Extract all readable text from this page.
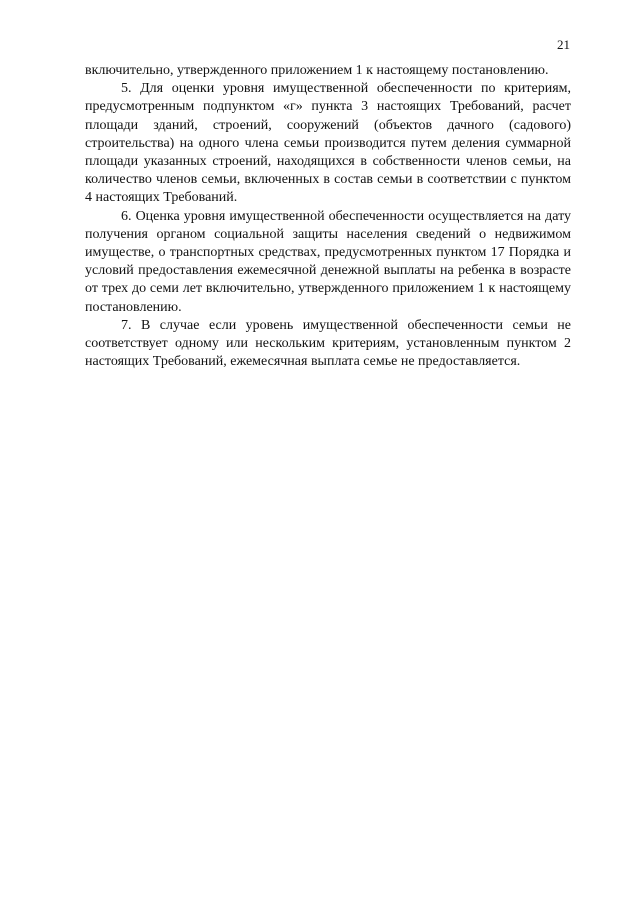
21

включительно, утвержденного приложением 1 к настоящему постановлению.

5. Для оценки уровня имущественной обеспеченности по критериям, предусмотренным подпунктом «г» пункта 3 настоящих Требований, расчет площади зданий, строений, сооружений (объектов дачного (садового) строительства) на одного члена семьи производится путем деления суммарной площади указанных строений, находящихся в собственности членов семьи, на количество членов семьи, включенных в состав семьи в соответствии с пунктом 4 настоящих Требований.

6. Оценка уровня имущественной обеспеченности осуществляется на дату получения органом социальной защиты населения сведений о недвижимом имуществе, о транспортных средствах, предусмотренных пунктом 17 Порядка и условий предоставления ежемесячной денежной выплаты на ребенка в возрасте от трех до семи лет включительно, утвержденного приложением 1 к настоящему постановлению.

7. В случае если уровень имущественной обеспеченности семьи не соответствует одному или нескольким критериям, установленным пунктом 2 настоящих Требований, ежемесячная выплата семье не предоставляется.
